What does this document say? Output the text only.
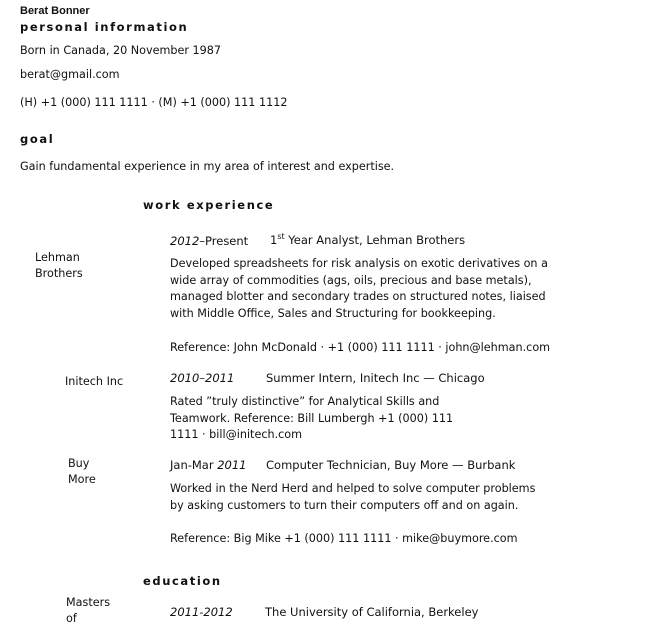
Berat Bonner
personal information
Born in Canada, 20 November 1987
berat@gmail.com
(H) +1 (000) 111 1111 · (M) +1 (000) 111 1112
goal
Gain fundamental experience in my area of interest and expertise.
work experience
Lehman Brothers
2012–Present 1st Year Analyst, Lehman Brothers
Developed spreadsheets for risk analysis on exotic derivatives on a wide array of commodities (ags, oils, precious and base metals), managed blotter and secondary trades on structured notes, liaised with Middle Office, Sales and Structuring for bookkeeping.
Reference: John McDonald · +1 (000) 111 1111 · john@lehman.com
Initech Inc	2010–2011	Summer Intern, Initech Inc — Chicago
Rated ”truly distinctive” for Analytical Skills and Teamwork. Reference: Bill Lumbergh +1 (000) 111 1111 · bill@initech.com
Buy More
Jan-Mar 2011 Computer Technician, Buy More — Burbank
Worked in the Nerd Herd and helped to solve computer problems by asking customers to turn their computers off and on again.
Reference: Big Mike +1 (000) 111 1111 · mike@buymore.com
education
Masters of	2011-2012	The University of California, Berkeley
